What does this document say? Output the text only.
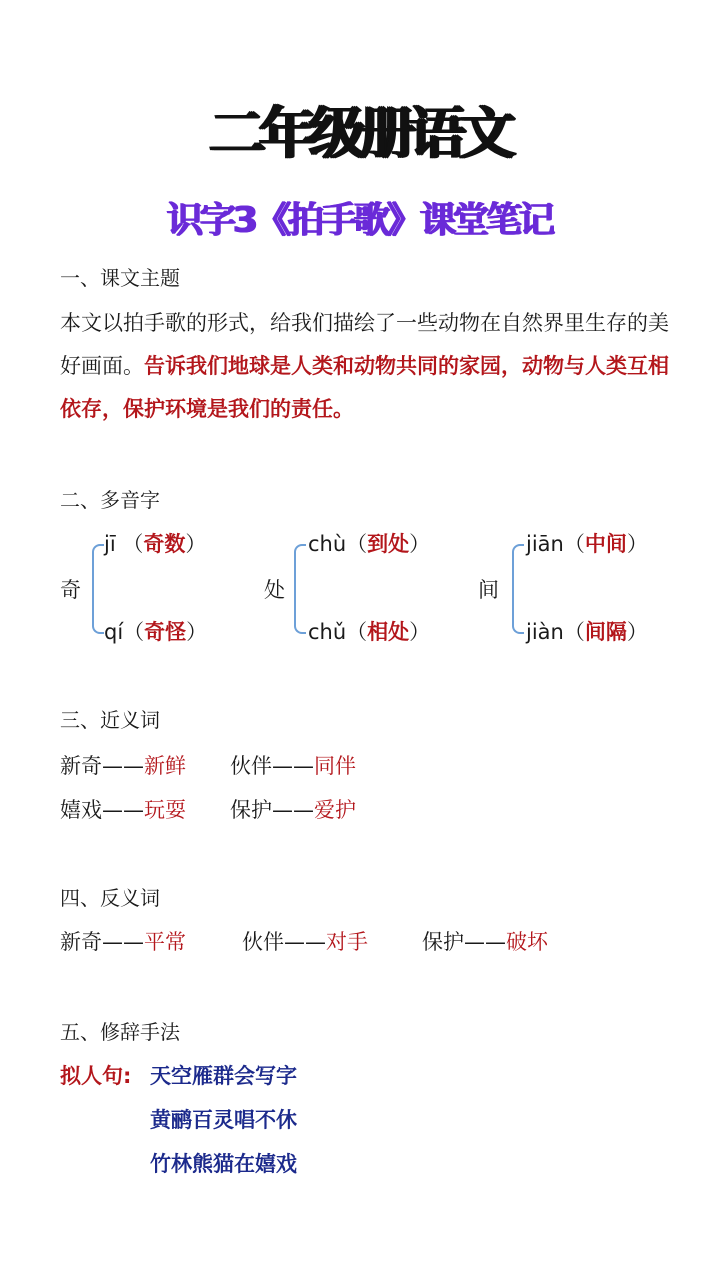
二年级册语文
识字3《拍手歌》课堂笔记
一、课文主题
本文以拍手歌的形式，给我们描绘了一些动物在自然界里生存的美好画面。告诉我们地球是人类和动物共同的家园，动物与人类互相依存，保护环境是我们的责任。
二、多音字
奇
jī （奇数）
qí（奇怪）
处
chù（到处）
chǔ（相处）
间
jiān（中间）
jiàn（间隔）
三、近义词
新奇——新鲜 伙伴——同伴
嬉戏——玩耍 保护——爱护
四、反义词
新奇——平常	伙伴——对手	保护——破坏
五、修辞手法
拟人句: 天空雁群会写字
黄鹂百灵唱不休
竹林熊猫在嬉戏
